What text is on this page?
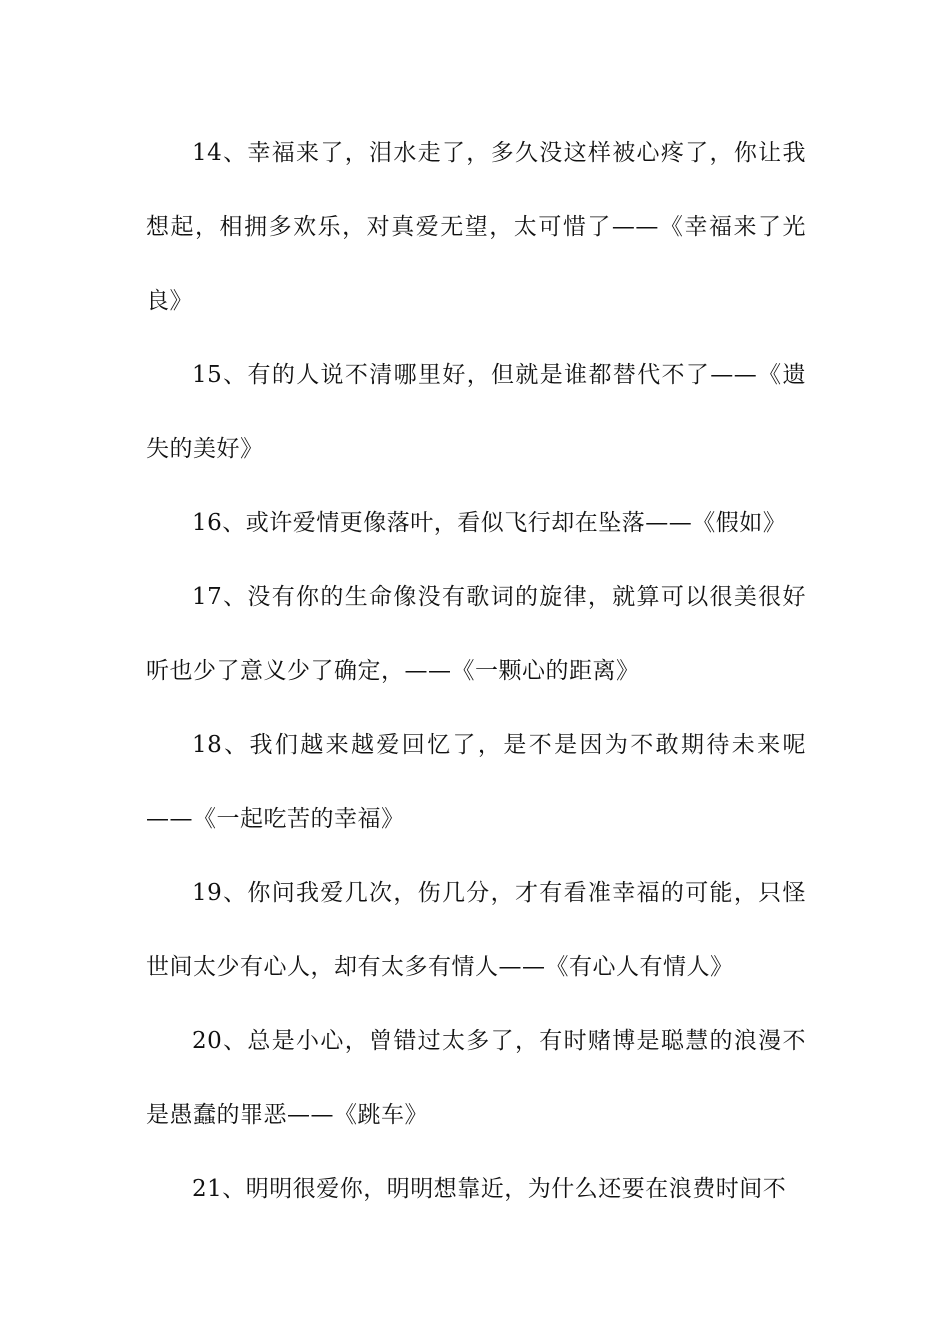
14、幸福来了，泪水走了，多久没这样被心疼了，你让我想起，相拥多欢乐，对真爱无望，太可惜了——《幸福来了光良》

15、有的人说不清哪里好，但就是谁都替代不了——《遗失的美好》

16、或许爱情更像落叶，看似飞行却在坠落——《假如》

17、没有你的生命像没有歌词的旋律，就算可以很美很好听也少了意义少了确定，——《一颗心的距离》

18、我们越来越爱回忆了，是不是因为不敢期待未来呢——《一起吃苦的幸福》

19、你问我爱几次，伤几分，才有看准幸福的可能，只怪世间太少有心人，却有太多有情人——《有心人有情人》

20、总是小心，曾错过太多了，有时赌博是聪慧的浪漫不是愚蠢的罪恶——《跳车》

21、明明很爱你，明明想靠近，为什么还要在浪费时间不
